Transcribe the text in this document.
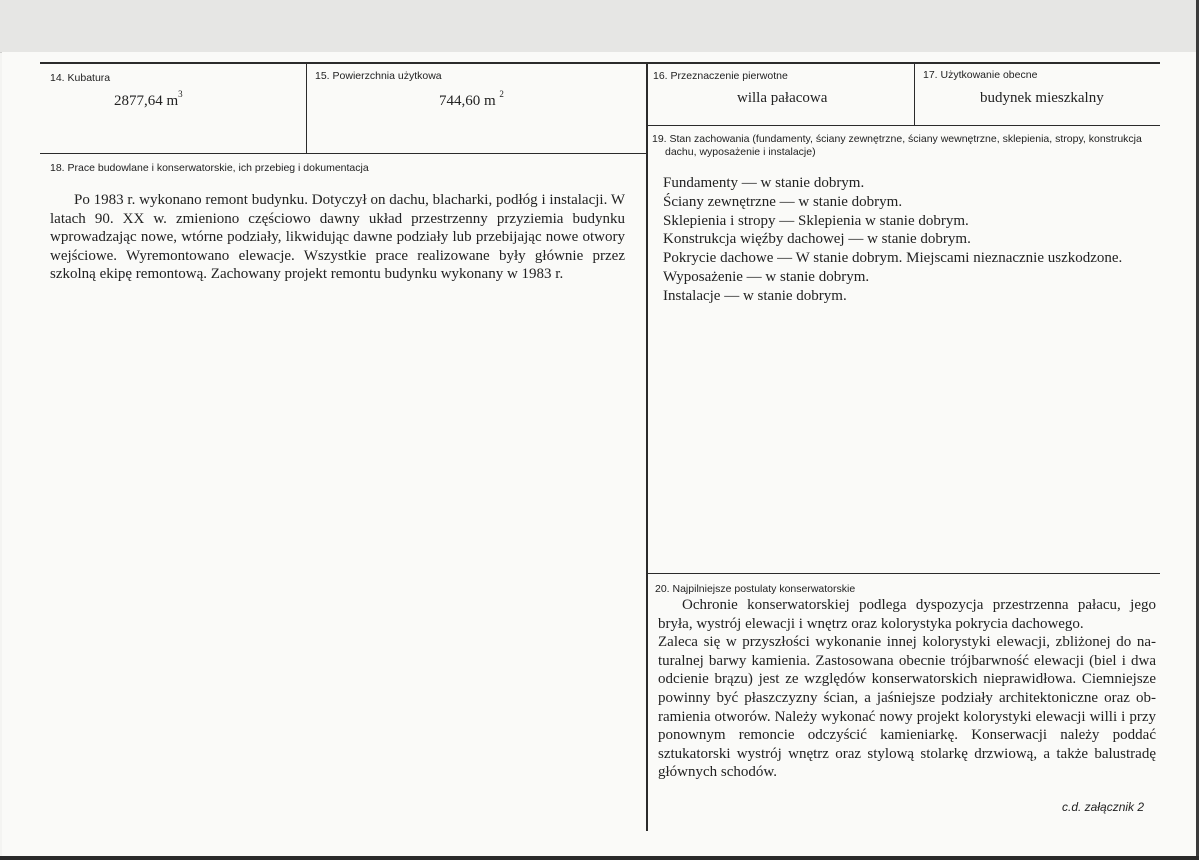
14. Kubatura
2877,64 $m^3$
15. Powierzchnia użytkowa
744,60 m $^2$
16. Przeznaczenie pierwotne
willa pałacowa
17. Użytkowanie obecne
budynek mieszkalny
18. Prace budowlane i konserwatorskie, ich przebieg i dokumentacja

Po 1983 r. wykonano remont budynku. Dotyczył on dachu, blacharki, podłóg i instalacji. W latach 90. XX w. zmieniono częściowo dawny układ przestrzenny przyziemia budynku wprowadzając nowe, wtórne podziały, likwidując dawne podziały lub przebijając nowe otwory wejściowe. Wyremontowano elewacje. Wszystkie prace realizowane były głównie przez szkolną ekipę remontową. Zachowany projekt remontu budynku wykonany w 1983 r.

19. Stan zachowania (fundamenty, ściany zewnętrzne, ściany wewnętrzne, sklepienia, stropy, konstrukcja
dachu, wyposażenie i instalacje)
Fundamenty — w stanie dobrym.
Ściany zewnętrzne — w stanie dobrym.
Sklepienia i stropy — Sklepienia w stanie dobrym.
Konstrukcja więźby dachowej — w stanie dobrym.
Pokrycie dachowe — W stanie dobrym. Miejscami nieznacznie uszkodzone.
Wyposażenie — w stanie dobrym.
Instalacje — w stanie dobrym.
20. Najpilniejsze postulaty konserwatorskie

Ochronie konserwatorskiej podlega dyspozycja przestrzenna pałacu, jego bryła, wystrój elewacji i wnętrz oraz kolorystyka pokrycia dachowego.

Zaleca się w przyszłości wykonanie innej kolorystyki elewacji, zbliżonej do na-turalnej barwy kamienia. Zastosowana obecnie trójbarwność elewacji (biel i dwa odcienie brązu) jest ze względów konserwatorskich nieprawidłowa. Ciemniejsze powinny być płaszczyzny ścian, a jaśniejsze podziały architektoniczne oraz ob-ramienia otworów. Należy wykonać nowy projekt kolorystyki elewacji willi i przy ponownym remoncie odczyścić kamieniarkę. Konserwacji należy poddać sztukatorski wystrój wnętrz oraz stylową stolarkę drzwiową, a także balustradę głównych schodów.

c.d. załącznik 2
